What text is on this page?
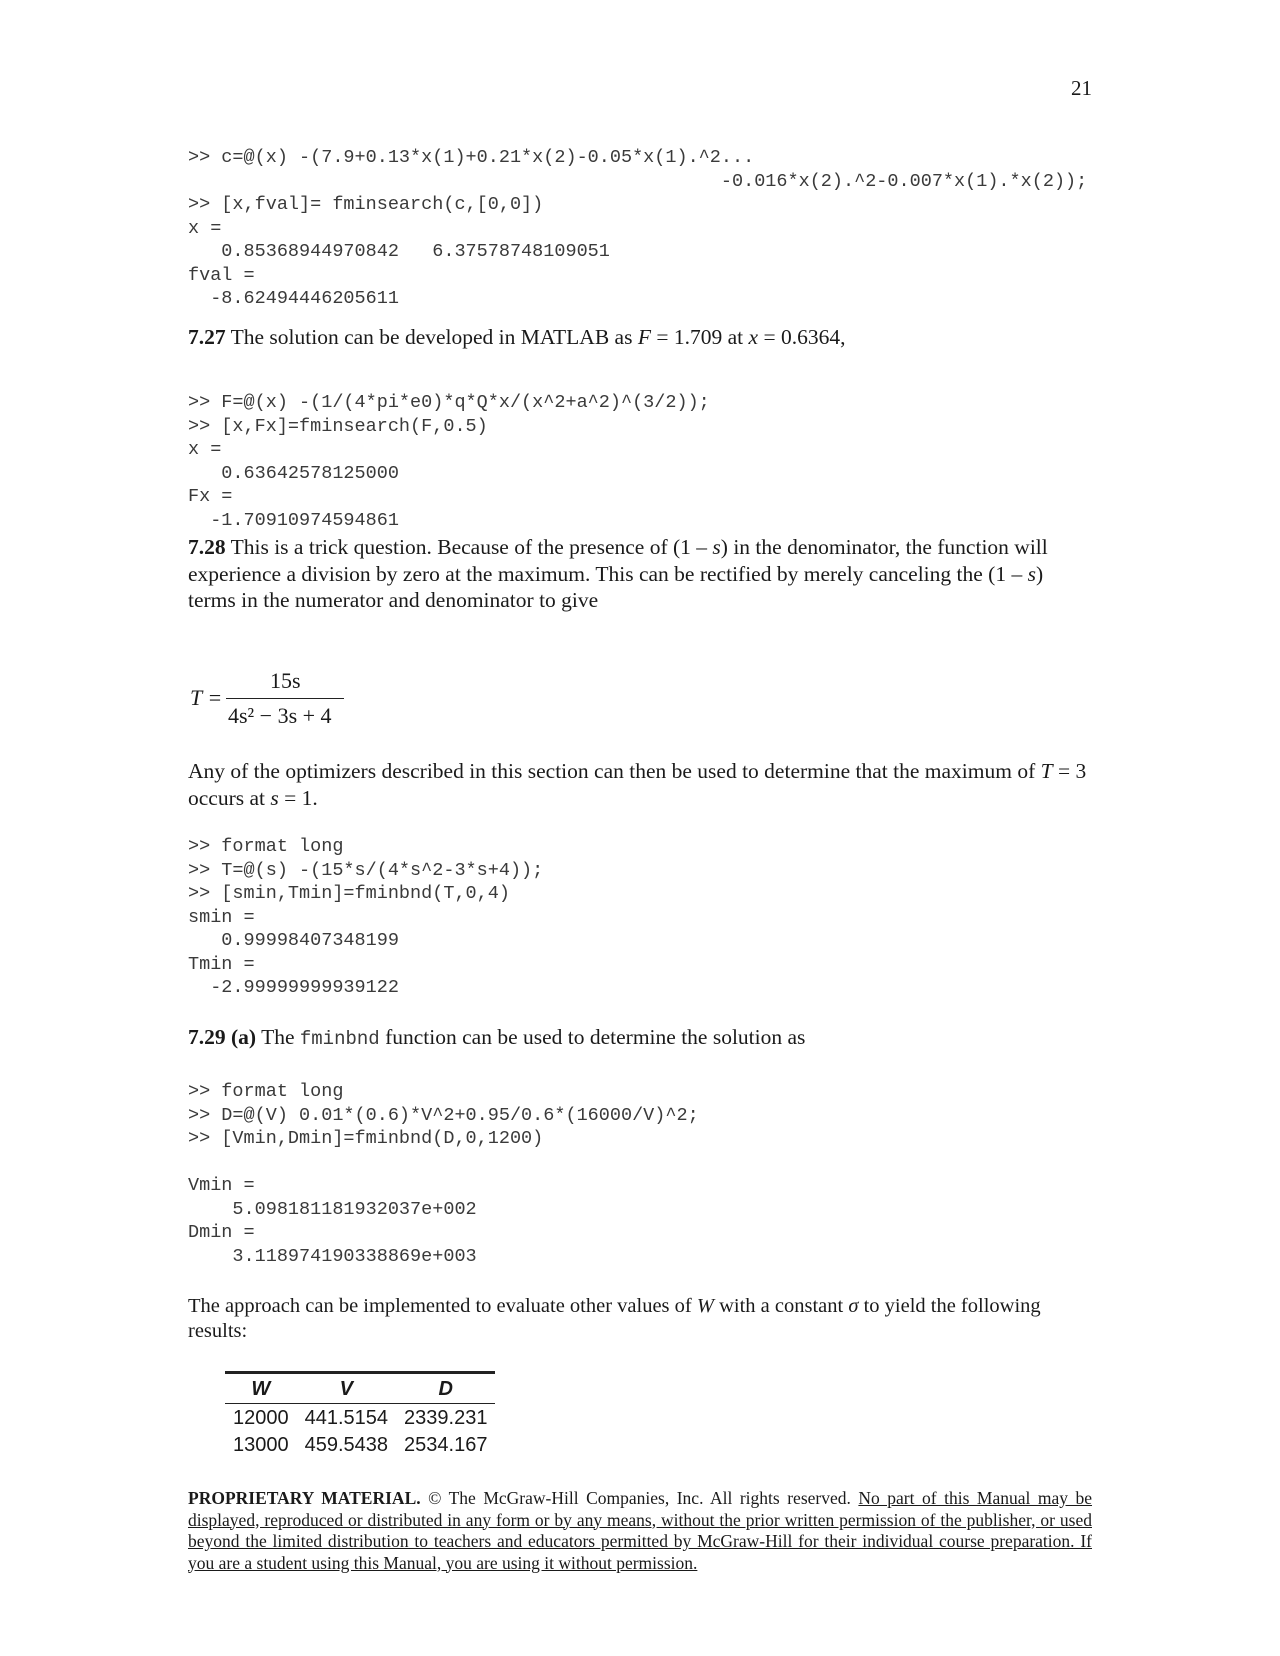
21
>> c=@(x) -(7.9+0.13*x(1)+0.21*x(2)-0.05*x(1).^2...
-0.016*x(2).^2-0.007*x(1).*x(2));
>> [x,fval]= fminsearch(c,[0,0])
x =
0.85368944970842   6.37578748109051
fval =
-8.62494446205611

7.27 The solution can be developed in MATLAB as F = 1.709 at x = 0.6364,

>> F=@(x) -(1/(4*pi*e0)*q*Q*x/(x^2+a^2)^(3/2));
>> [x,Fx]=fminsearch(F,0.5)
x =
0.63642578125000
Fx =
-1.70910974594861

7.28 This is a trick question. Because of the presence of (1 – s) in the denominator, the function will experience a division by zero at the maximum. This can be rectified by merely canceling the (1 – s) terms in the numerator and denominator to give

T =
15s
4s² − 3s + 4

Any of the optimizers described in this section can then be used to determine that the maximum of T = 3 occurs at s = 1.

>> format long
>> T=@(s) -(15*s/(4*s^2-3*s+4));
>> [smin,Tmin]=fminbnd(T,0,4)
smin =
0.99998407348199
Tmin =
-2.99999999939122

7.29 (a) The fminbnd function can be used to determine the solution as

>> format long
>> D=@(V) 0.01*(0.6)*V^2+0.95/0.6*(16000/V)^2;
>> [Vmin,Dmin]=fminbnd(D,0,1200)

Vmin =
5.098181181932037e+002
Dmin =
3.118974190338869e+003

The approach can be implemented to evaluate other values of W with a constant σ to yield the following results:

W	V	D
12000	441.5154	2339.231
13000	459.5438	2534.167
PROPRIETARY MATERIAL. © The McGraw-Hill Companies, Inc. All rights reserved. No part of this Manual may be displayed, reproduced or distributed in any form or by any means, without the prior written permission of the publisher, or used beyond the limited distribution to teachers and educators permitted by McGraw-Hill for their individual course preparation. If you are a student using this Manual, you are using it without permission.
